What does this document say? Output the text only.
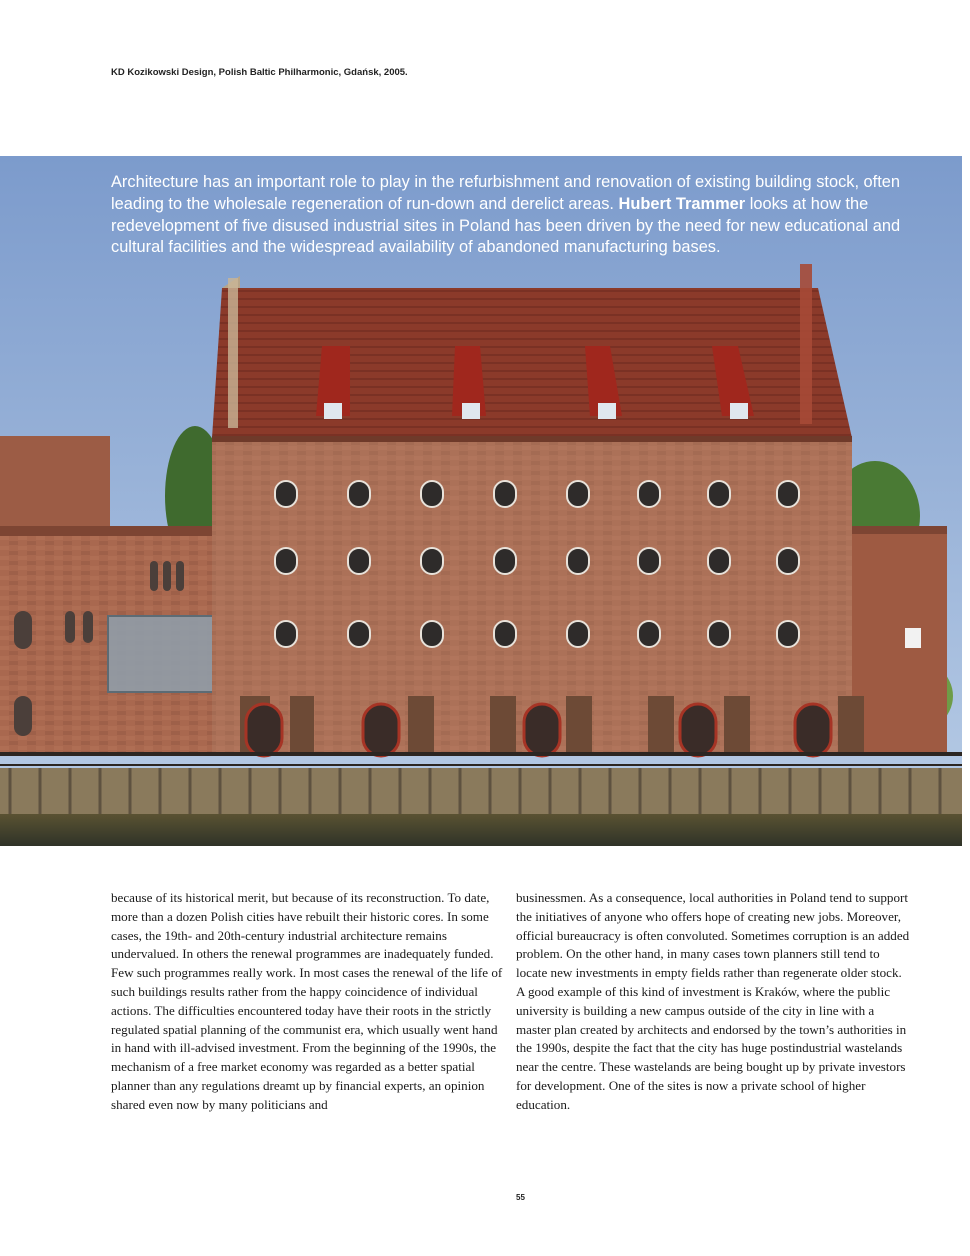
KD Kozikowski Design, Polish Baltic Philharmonic, Gdańsk, 2005.

Architecture has an important role to play in the refurbishment and renovation of existing building stock, often leading to the wholesale regeneration of run-down and derelict areas. Hubert Trammer looks at how the redevelopment of five disused industrial sites in Poland has been driven by the need for new educational and cultural facilities and the widespread availability of abandoned manufacturing bases.

because of its historical merit, but because of its reconstruction. To date, more than a dozen Polish cities have rebuilt their historic cores. In some cases, the 19th- and 20th-century industrial architecture remains undervalued. In others the renewal programmes are inadequately funded. Few such programmes really work. In most cases the renewal of the life of such buildings results rather from the happy coincidence of individual actions. The difficulties encountered today have their roots in the strictly regulated spatial planning of the communist era, which usually went hand in hand with ill-advised investment. From the beginning of the 1990s, the mechanism of a free market economy was regarded as a better spatial planner than any regulations dreamt up by financial experts, an opinion shared even now by many politicians and

businessmen. As a consequence, local authorities in Poland tend to support the initiatives of anyone who offers hope of creating new jobs. Moreover, official bureaucracy is often convoluted. Sometimes corruption is an added problem. On the other hand, in many cases town planners still tend to locate new investments in empty fields rather than regenerate older stock. A good example of this kind of investment is Kraków, where the public university is building a new campus outside of the city in line with a master plan created by architects and endorsed by the town’s authorities in the 1990s, despite the fact that the city has huge postindustrial wastelands near the centre. These wastelands are being bought up by private investors for development. One of the sites is now a private school of higher education.

55
